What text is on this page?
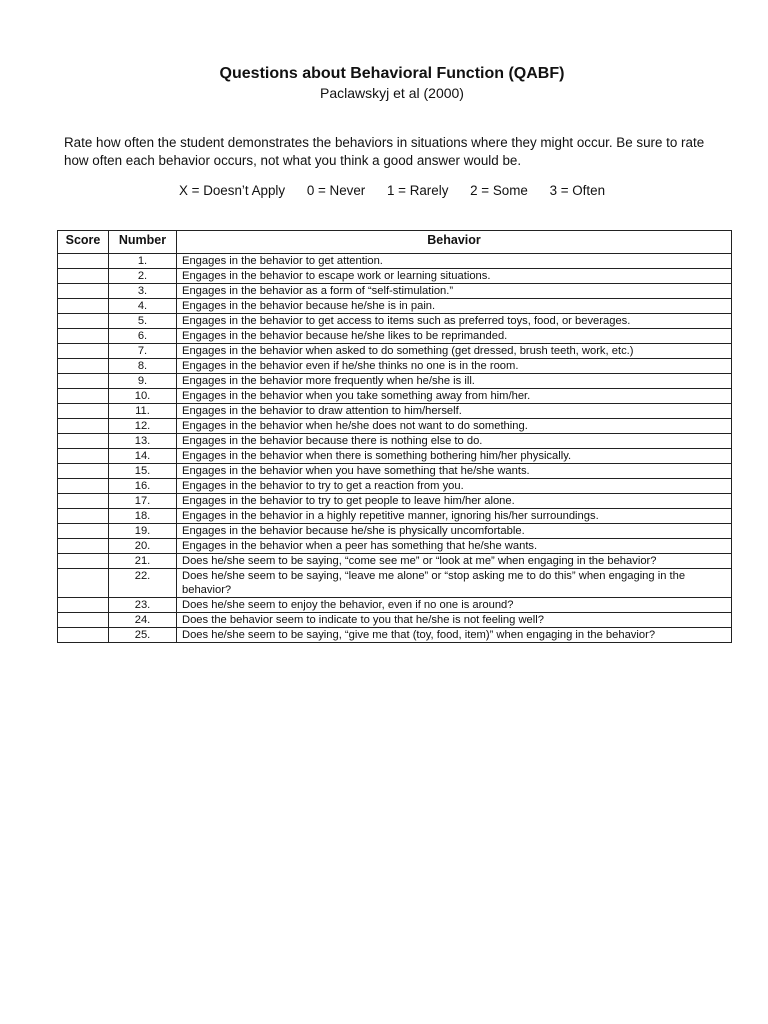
Questions about Behavioral Function (QABF)
Paclawskyj et al (2000)
Rate how often the student demonstrates the behaviors in situations where they might occur. Be sure to rate how often each behavior occurs, not what you think a good answer would be.
X = Doesn’t Apply 0 = Never 1 = Rarely 2 = Some 3 = Often
Score	Number	Behavior
	1.	Engages in the behavior to get attention.
	2.	Engages in the behavior to escape work or learning situations.
	3.	Engages in the behavior as a form of “self-stimulation.”
	4.	Engages in the behavior because he/she is in pain.
	5.	Engages in the behavior to get access to items such as preferred toys, food, or beverages.
	6.	Engages in the behavior because he/she likes to be reprimanded.
	7.	Engages in the behavior when asked to do something (get dressed, brush teeth, work, etc.)
	8.	Engages in the behavior even if he/she thinks no one is in the room.
	9.	Engages in the behavior more frequently when he/she is ill.
	10.	Engages in the behavior when you take something away from him/her.
	11.	Engages in the behavior to draw attention to him/herself.
	12.	Engages in the behavior when he/she does not want to do something.
	13.	Engages in the behavior because there is nothing else to do.
	14.	Engages in the behavior when there is something bothering him/her physically.
	15.	Engages in the behavior when you have something that he/she wants.
	16.	Engages in the behavior to try to get a reaction from you.
	17.	Engages in the behavior to try to get people to leave him/her alone.
	18.	Engages in the behavior in a highly repetitive manner, ignoring his/her surroundings.
	19.	Engages in the behavior because he/she is physically uncomfortable.
	20.	Engages in the behavior when a peer has something that he/she wants.
	21.	Does he/she seem to be saying, “come see me” or “look at me” when engaging in the behavior?
	22.	Does he/she seem to be saying, “leave me alone” or “stop asking me to do this” when engaging in the behavior?
	23.	Does he/she seem to enjoy the behavior, even if no one is around?
	24.	Does the behavior seem to indicate to you that he/she is not feeling well?
	25.	Does he/she seem to be saying, “give me that (toy, food, item)” when engaging in the behavior?
